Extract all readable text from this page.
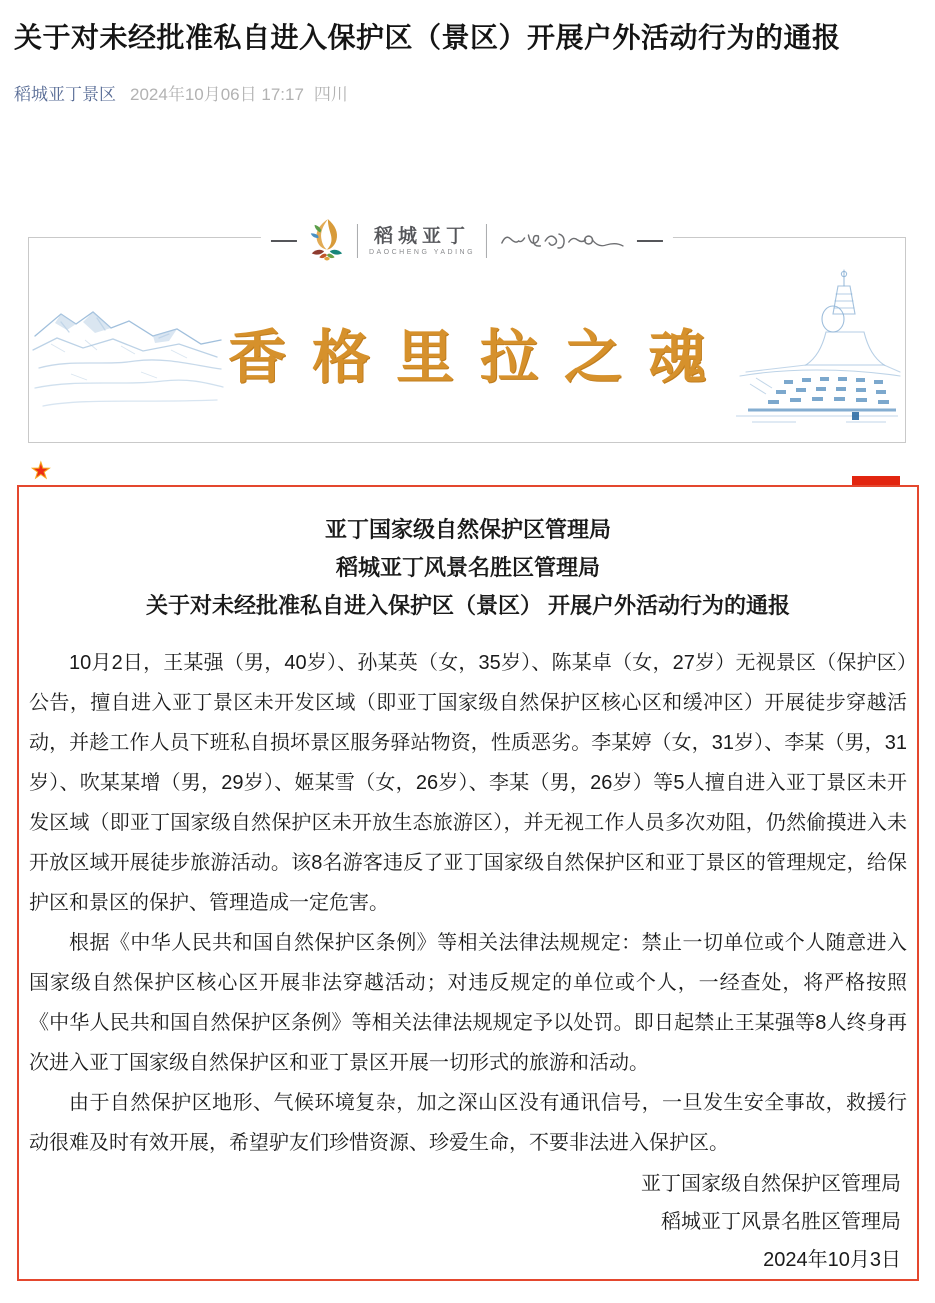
关于对未经批准私自进入保护区（景区）开展户外活动行为的通报
稻城亚丁景区 2024年10月06日 17:17 四川
稻城亚丁
DAOCHENG YADING
香格里拉之魂
★
亚丁国家级自然保护区管理局
稻城亚丁风景名胜区管理局
关于对未经批准私自进入保护区（景区） 开展户外活动行为的通报

10月2日，王某强（男，40岁）、孙某英（女，35岁）、陈某卓（女，27岁）无视景区（保护区）公告，擅自进入亚丁景区未开发区域（即亚丁国家级自然保护区核心区和缓冲区）开展徒步穿越活动，并趁工作人员下班私自损坏景区服务驿站物资，性质恶劣。李某婷（女，31岁）、李某（男，31岁）、吹某某增（男，29岁）、姬某雪（女，26岁）、李某（男，26岁）等5人擅自进入亚丁景区未开发区域（即亚丁国家级自然保护区未开放生态旅游区），并无视工作人员多次劝阻，仍然偷摸进入未开放区域开展徒步旅游活动。该8名游客违反了亚丁国家级自然保护区和亚丁景区的管理规定，给保护区和景区的保护、管理造成一定危害。

根据《中华人民共和国自然保护区条例》等相关法律法规规定：禁止一切单位或个人随意进入国家级自然保护区核心区开展非法穿越活动；对违反规定的单位或个人，一经查处，将严格按照《中华人民共和国自然保护区条例》等相关法律法规规定予以处罚。即日起禁止王某强等8人终身再次进入亚丁国家级自然保护区和亚丁景区开展一切形式的旅游和活动。

由于自然保护区地形、气候环境复杂，加之深山区没有通讯信号，一旦发生安全事故，救援行动很难及时有效开展，希望驴友们珍惜资源、珍爱生命，不要非法进入保护区。

亚丁国家级自然保护区管理局
稻城亚丁风景名胜区管理局
2024年10月3日
